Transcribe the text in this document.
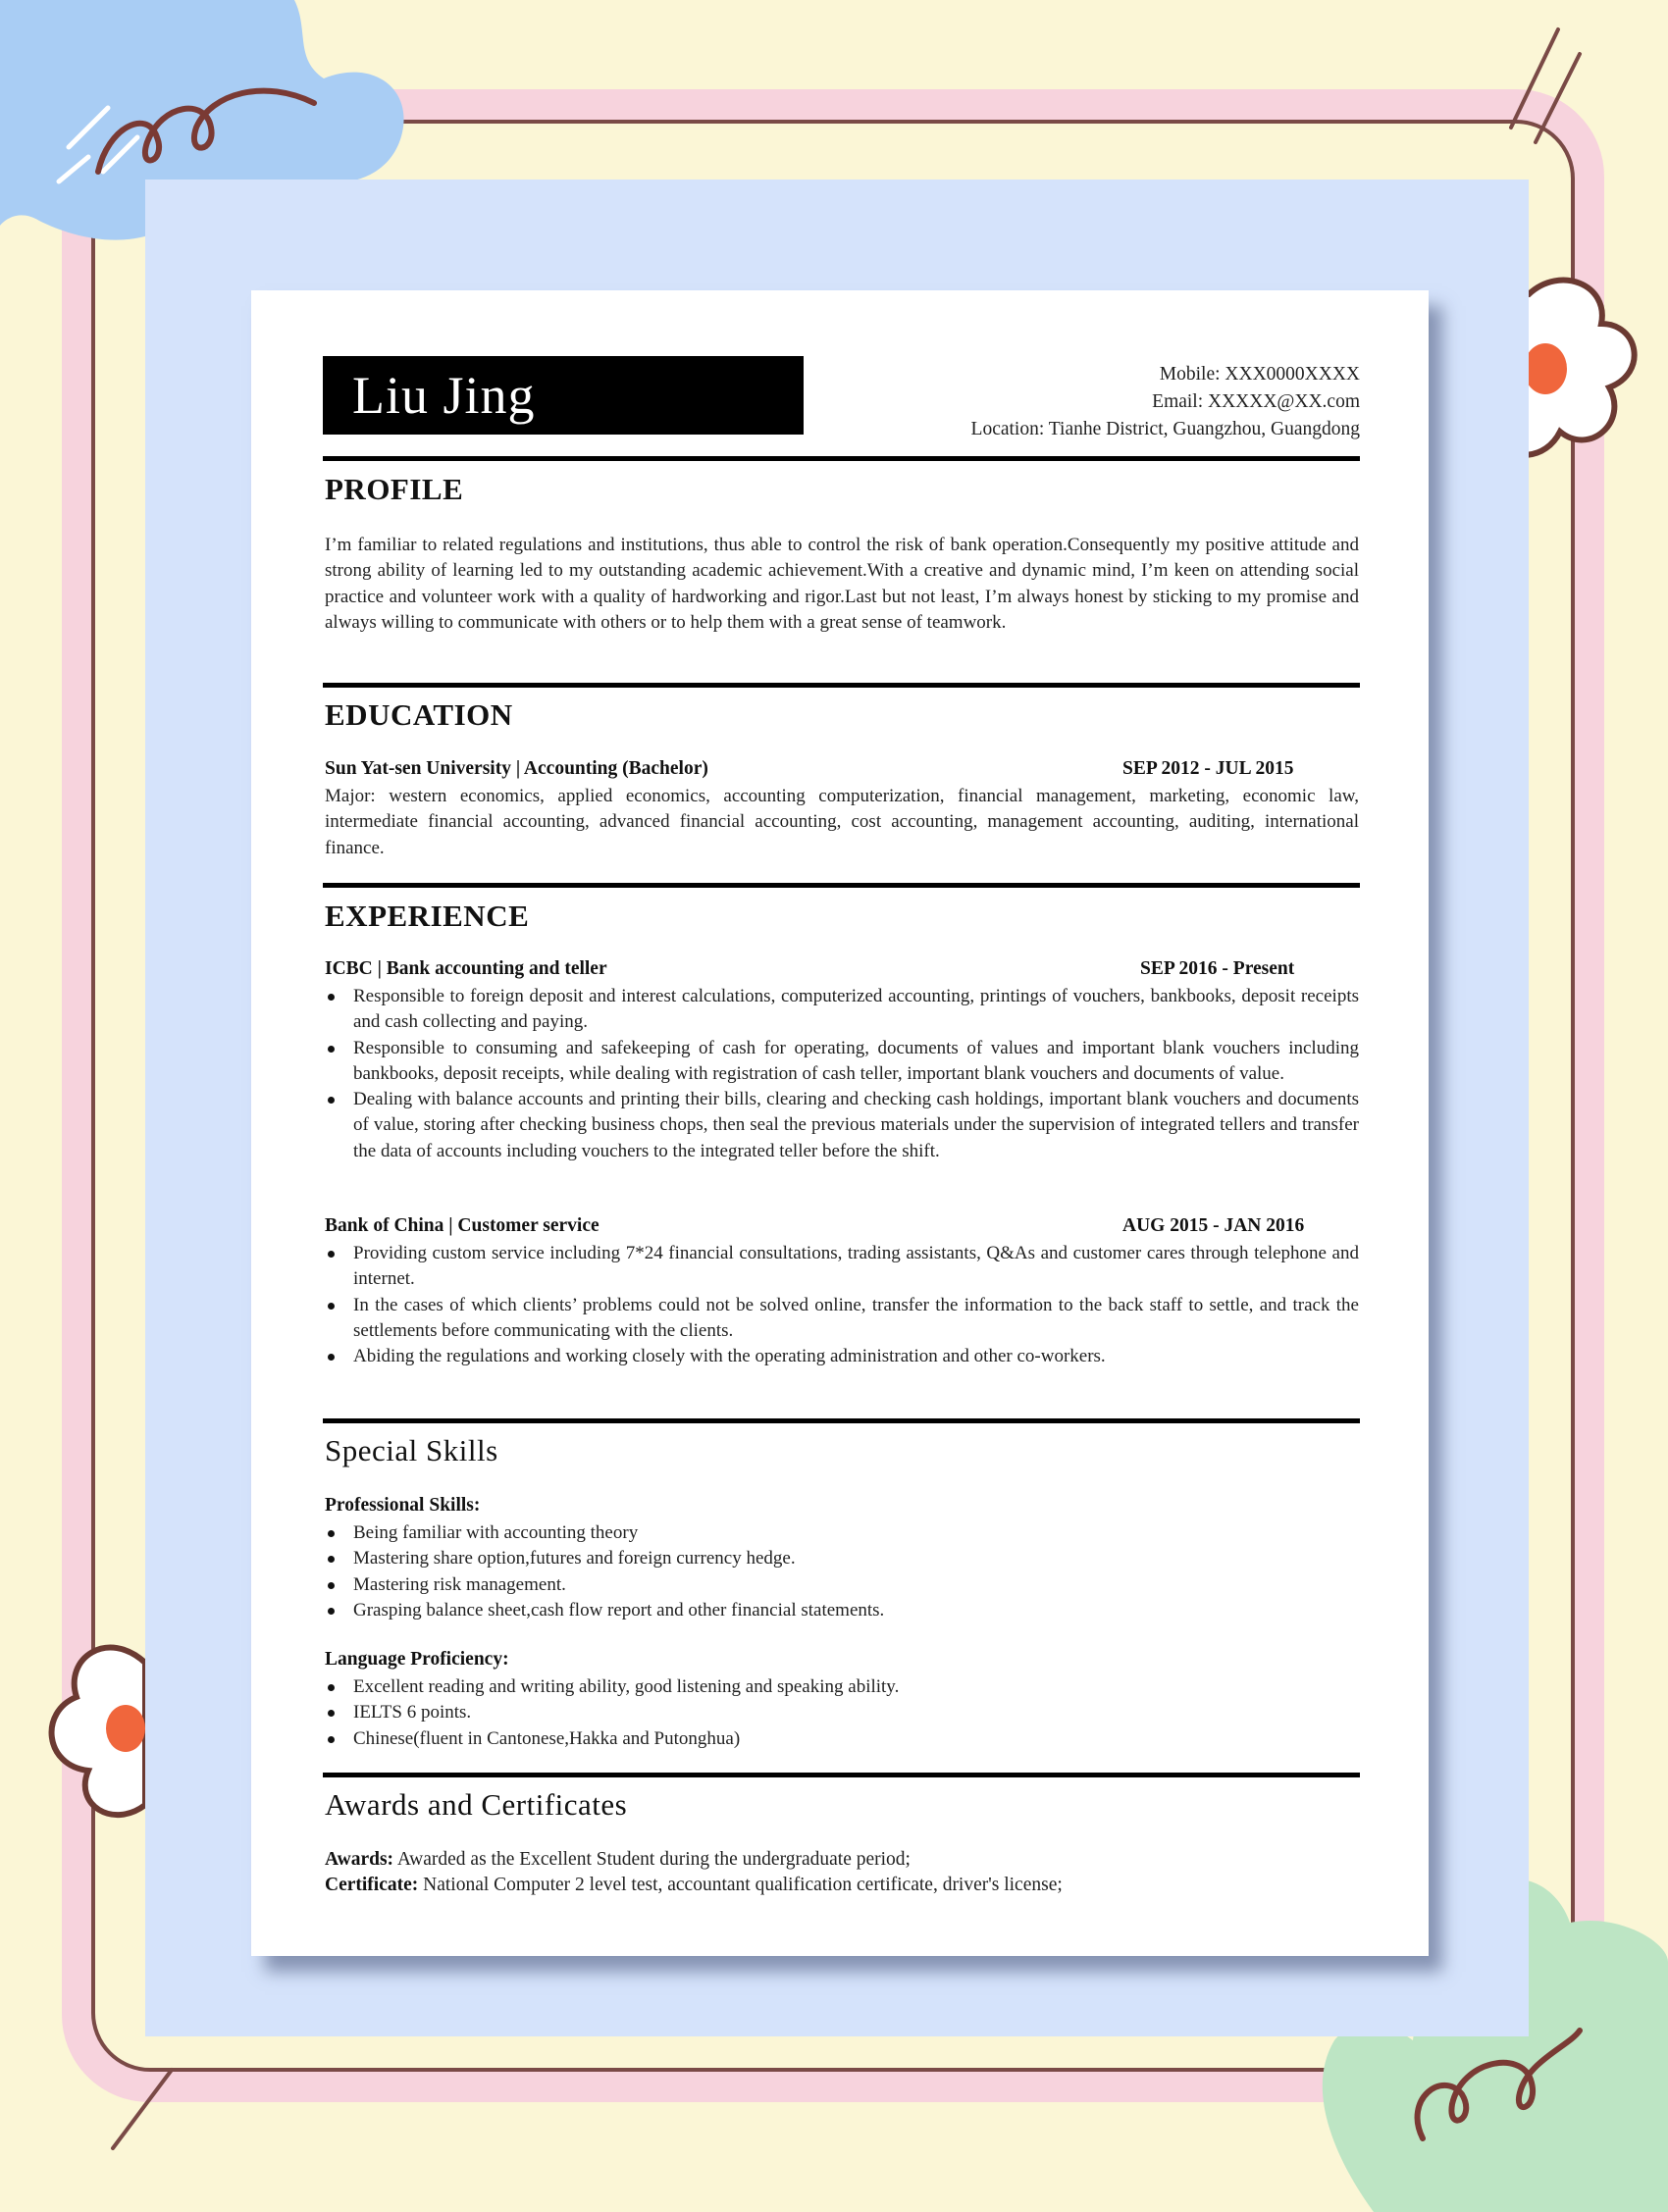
Liu Jing	Mobile: XXX0000XXXX
Email: XXXXX@XX.com
Location: Tianhe District, Guangzhou, Guangdong
PROFILE
I’m familiar to related regulations and institutions, thus able to control the risk of bank operation.Consequently my positive attitude and strong ability of learning led to my outstanding academic achievement.With a creative and dynamic mind, I’m keen on attending social practice and volunteer work with a quality of hardworking and rigor.Last but not least, I’m always honest by sticking to my promise and always willing to communicate with others or to help them with a great sense of teamwork.
EDUCATION
Sun Yat-sen University | Accounting (Bachelor)	SEP 2012 - JUL 2015
Major: western economics, applied economics, accounting computerization, financial management, marketing, economic law, intermediate financial accounting, advanced financial accounting, cost accounting, management accounting, auditing, international finance.
EXPERIENCE
ICBC | Bank accounting and teller	SEP 2016 - Present
Responsible to foreign deposit and interest calculations, computerized accounting, printings of vouchers, bankbooks, deposit receipts and cash collecting and paying.
Responsible to consuming and safekeeping of cash for operating, documents of values and important blank vouchers including bankbooks, deposit receipts, while dealing with registration of cash teller, important blank vouchers and documents of value.
Dealing with balance accounts and printing their bills, clearing and checking cash holdings, important blank vouchers and documents of value, storing after checking business chops, then seal the previous materials under the supervision of integrated tellers and transfer the data of accounts including vouchers to the integrated teller before the shift.
Bank of China | Customer service	AUG 2015 - JAN 2016
Providing custom service including 7*24 financial consultations, trading assistants, Q&As and customer cares through telephone and internet.
In the cases of which clients’ problems could not be solved online, transfer the information to the back staff to settle, and track the settlements before communicating with the clients.
Abiding the regulations and working closely with the operating administration and other co-workers.
Special Skills
Professional Skills:
Being familiar with accounting theory
Mastering share option,futures and foreign currency hedge.
Mastering risk management.
Grasping balance sheet,cash flow report and other financial statements.
Language Proficiency:
Excellent reading and writing ability, good listening and speaking ability.
IELTS 6 points.
Chinese(fluent in Cantonese,Hakka and Putonghua)
Awards and Certificates
Awards: Awarded as the Excellent Student during the undergraduate period;
Certificate: National Computer 2 level test, accountant qualification certificate, driver's license;
